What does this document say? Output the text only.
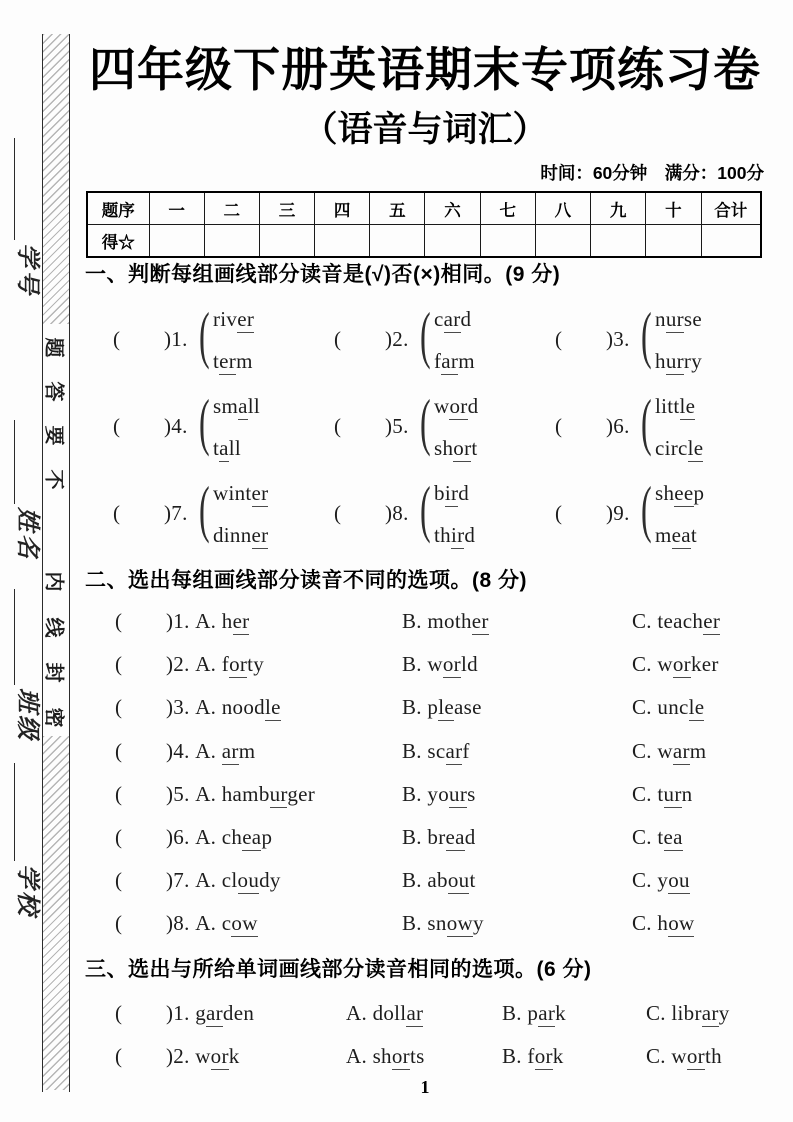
学号
姓名
班级
学校
题
答
要
不
内
线
封
密
四年级下册英语期末专项练习卷
（语音与词汇）
时间：60分钟　满分：100分
题序	一	二	三	四	五	六	七	八	九	十	合计
得☆											
一、判断每组画线部分读音是(√)否(×)相同。(9 分)
二、选出每组画线部分读音不同的选项。(8 分)
三、选出与所给单词画线部分读音相同的选项。(6 分)
1
( )1. ( river
term
( )2. ( card
farm
( )3. ( nurse
hurry
( )4. ( small
tall
( )5. ( word
short
( )6. ( little
circle
( )7. ( winter
dinner
( )8. ( bird
third
( )9. ( sheep
meat
( )1. A. her	B. mother	C. teacher
( )2. A. forty	B. world	C. worker
( )3. A. noodle	B. please	C. uncle
( )4. A. arm	B. scarf	C. warm
( )5. A. hamburger	B. yours	C. turn
( )6. A. cheap	B. bread	C. tea
( )7. A. cloudy	B. about	C. you
( )8. A. cow	B. snowy	C. how
( )1. garden	A. dollar	B. park	C. library
( )2. work	A. shorts	B. fork	C. worth
